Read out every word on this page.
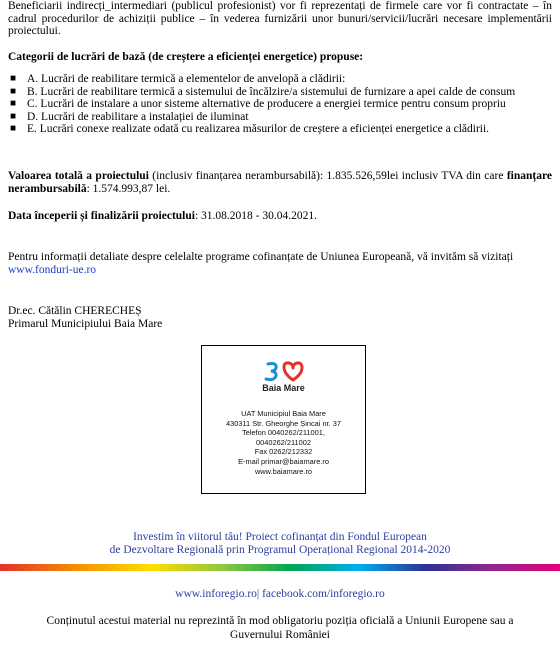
Beneficiarii indirecți_intermediari (publicul profesionist) vor fi reprezentați de firmele care vor fi contractate – în cadrul procedurilor de achiziții publice – în vederea furnizării unor bunuri/servicii/lucrări necesare implementării proiectului.
Categorii de lucrări de bază (de creștere a eficienței energetice) propuse:
■ A. Lucrări de reabilitare termică a elementelor de anvelopă a clădirii:
■ B. Lucrări de reabilitare termică a sistemului de încălzire/a sistemului de furnizare a apei calde de consum
■ C. Lucrări de instalare a unor sisteme alternative de producere a energiei termice pentru consum propriu
■ D. Lucrări de reabilitare a instalației de iluminat
■ E. Lucrări conexe realizate odată cu realizarea măsurilor de creștere a eficienței energetice a clădirii.
Valoarea totală a proiectului (inclusiv finanțarea nerambursabilă): 1.835.526,59lei inclusiv TVA din care finanțare nerambursabilă: 1.574.993,87 lei.
Data începerii și finalizării proiectului: 31.08.2018 - 30.04.2021.
Pentru informații detaliate despre celelalte programe cofinanțate de Uniunea Europeană, vă invităm să vizitați
www.fonduri-ue.ro
Dr.ec. Cătălin CHERECHEȘ
Primarul Municipiului Baia Mare
Baia Mare
UAT Municipiul Baia Mare
430311 Str. Gheorghe Șincai nr. 37
Telefon 0040262/211001,
0040262/211002
Fax 0262/212332
E-mail primar@baiamare.ro
www.baiamare.ro
Investim în viitorul tău! Proiect cofinanțat din Fondul European
de Dezvoltare Regională prin Programul Operațional Regional 2014-2020
www.inforegio.ro| facebook.com/inforegio.ro
Conținutul acestui material nu reprezintă în mod obligatoriu poziția oficială a Uniunii Europene sau a Guvernului României
